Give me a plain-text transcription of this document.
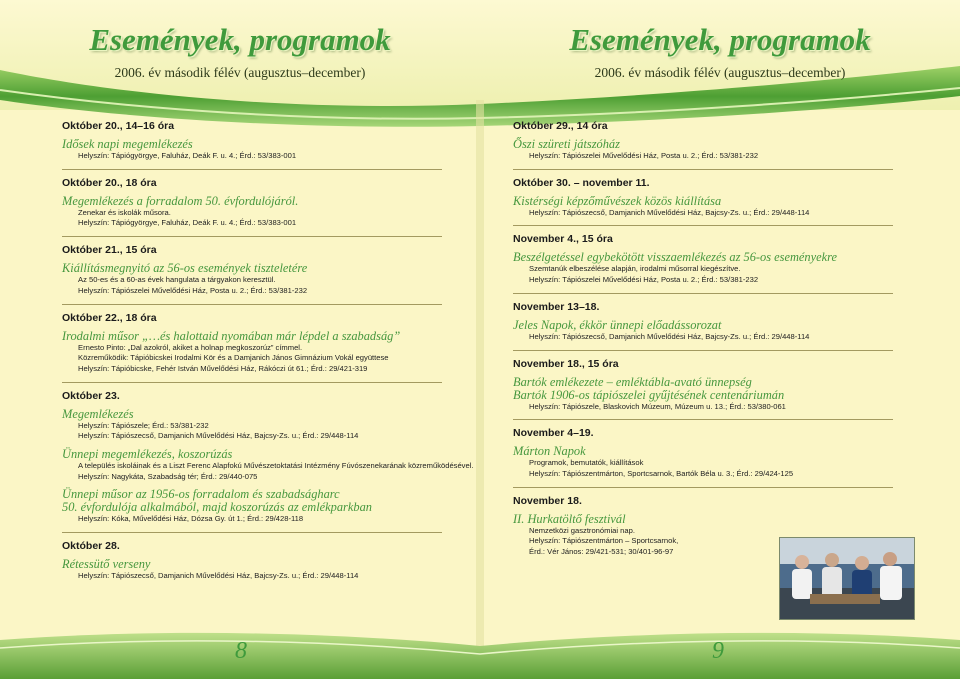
Események, programok
2006. év második félév (augusztus–december)
Események, programok
2006. év második félév (augusztus–december)
Október 20., 14–16 óra
Idősek napi megemlékezés
Helyszín: Tápiógyörgye, Faluház, Deák F. u. 4.; Érd.: 53/383-001
Október 20., 18 óra
Megemlékezés a forradalom 50. évfordulójáról.
Zenekar és iskolák műsora.
Helyszín: Tápiógyörgye, Faluház, Deák F. u. 4.; Érd.: 53/383-001
Október 21., 15 óra
Kiállításmegnyitó az 56-os események tiszteletére
Az 50-es és a 60-as évek hangulata a tárgyakon keresztül.
Helyszín: Tápiószelei Művelődési Ház, Posta u. 2.; Érd.: 53/381-232
Október 22., 18 óra
Irodalmi műsor „…és halottaid nyomában már lépdel a szabadság”
Ernesto Pinto: „Dal azokról, akiket a holnap megkoszorúz” címmel.
Közreműködik: Tápióbicskei Irodalmi Kör és a Damjanich János Gimnázium Vokál együttese
Helyszín: Tápióbicske, Fehér István Művelődési Ház, Rákóczi út 61.; Érd.: 29/421-319
Október 23.
Megemlékezés
Helyszín: Tápiószele; Érd.: 53/381-232
Helyszín: Tápiószecső, Damjanich Művelődési Ház, Bajcsy-Zs. u.; Érd.: 29/448-114
Ünnepi megemlékezés, koszorúzás
A település iskoláinak és a Liszt Ferenc Alapfokú Művészetoktatási Intézmény Fúvószenekarának közreműködésével.
Helyszín: Nagykáta, Szabadság tér; Érd.: 29/440-075
Ünnepi műsor az 1956-os forradalom és szabadságharc
50. évfordulója alkalmából, majd koszorúzás az emlékparkban
Helyszín: Kóka, Művelődési Ház, Dózsa Gy. út 1.; Érd.: 29/428-118
Október 28.
Rétessütő verseny
Helyszín: Tápiószecső, Damjanich Művelődési Ház, Bajcsy-Zs. u.; Érd.: 29/448-114
Október 29., 14 óra
Őszi szüreti játszóház
Helyszín: Tápiószelei Művelődési Ház, Posta u. 2.; Érd.: 53/381-232
Október 30. – november 11.
Kistérségi képzőművészek közös kiállítása
Helyszín: Tápiószecső, Damjanich Művelődési Ház, Bajcsy-Zs. u.; Érd.: 29/448-114
November 4., 15 óra
Beszélgetéssel egybekötött visszaemlékezés az 56-os eseményekre
Szemtanúk elbeszélése alapján, irodalmi műsorral kiegészítve.
Helyszín: Tápiószelei Művelődési Ház, Posta u. 2.; Érd.: 53/381-232
November 13–18.
Jeles Napok, ékkör ünnepi előadássorozat
Helyszín: Tápiószecső, Damjanich Művelődési Ház, Bajcsy-Zs. u.; Érd.: 29/448-114
November 18., 15 óra
Bartók emlékezete – emléktábla-avató ünnepség
Bartók 1906-os tápiószelei gyűjtésének centenáriumán
Helyszín: Tápiószele, Blaskovich Múzeum, Múzeum u. 13.; Érd.: 53/380-061
November 4–19.
Márton Napok
Programok, bemutatók, kiállítások
Helyszín: Tápiószentmárton, Sportcsarnok, Bartók Béla u. 3.; Érd.: 29/424-125
November 18.
II. Hurkatöltő fesztivál
Nemzetközi gasztronómiai nap.
Helyszín: Tápiószentmárton – Sportcsarnok,
Érd.: Vér János: 29/421-531; 30/401-96-97
8	9
